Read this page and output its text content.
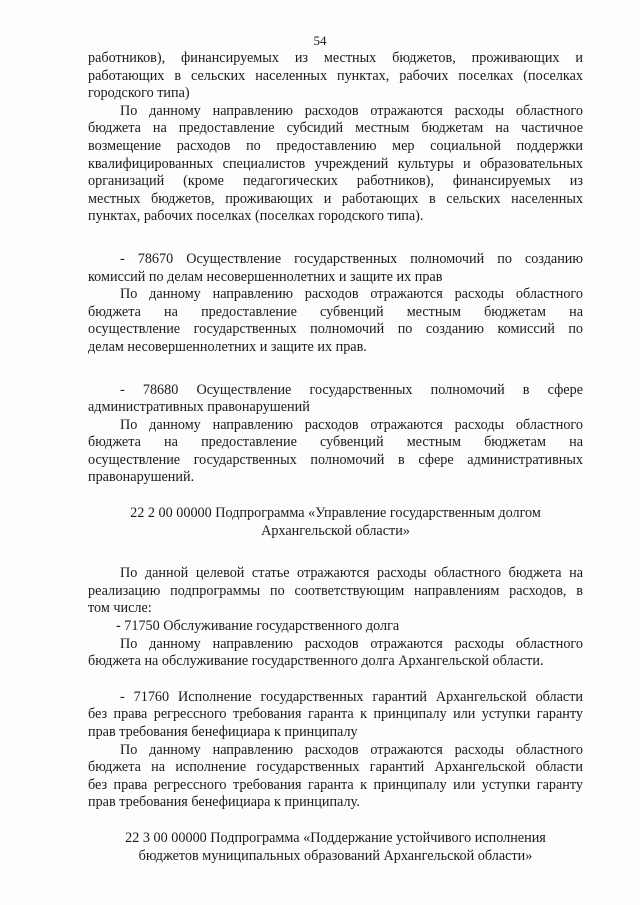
54
работников), финансируемых из местных бюджетов, проживающих и
работающих в сельских населенных пунктах, рабочих поселках (поселках
городского типа)
По данному направлению расходов отражаются расходы областного
бюджета на предоставление субсидий местным бюджетам на частичное
возмещение расходов по предоставлению мер социальной поддержки
квалифицированных специалистов учреждений культуры и образовательных
организаций (кроме педагогических работников), финансируемых из
местных бюджетов, проживающих и работающих в сельских населенных
пунктах, рабочих поселках (поселках городского типа).
- 78670 Осуществление государственных полномочий по созданию
комиссий по делам несовершеннолетних и защите их прав
По данному направлению расходов отражаются расходы областного
бюджета на предоставление субвенций местным бюджетам на
осуществление государственных полномочий по созданию комиссий по
делам несовершеннолетних и защите их прав.
- 78680 Осуществление государственных полномочий в сфере
административных правонарушений
По данному направлению расходов отражаются расходы областного
бюджета на предоставление субвенций местным бюджетам на
осуществление государственных полномочий в сфере административных
правонарушений.
22 2 00 00000 Подпрограмма «Управление государственным долгом
Архангельской области»
По данной целевой статье отражаются расходы областного бюджета на
реализацию подпрограммы по соответствующим направлениям расходов, в
том числе:
- 71750 Обслуживание государственного долга
По данному направлению расходов отражаются расходы областного
бюджета на обслуживание государственного долга Архангельской области.
- 71760 Исполнение государственных гарантий Архангельской области
без права регрессного требования гаранта к принципалу или уступки гаранту
прав требования бенефициара к принципалу
По данному направлению расходов отражаются расходы областного
бюджета на исполнение государственных гарантий Архангельской области
без права регрессного требования гаранта к принципалу или уступки гаранту
прав требования бенефициара к принципалу.
22 3 00 00000 Подпрограмма «Поддержание устойчивого исполнения
бюджетов муниципальных образований Архангельской области»
